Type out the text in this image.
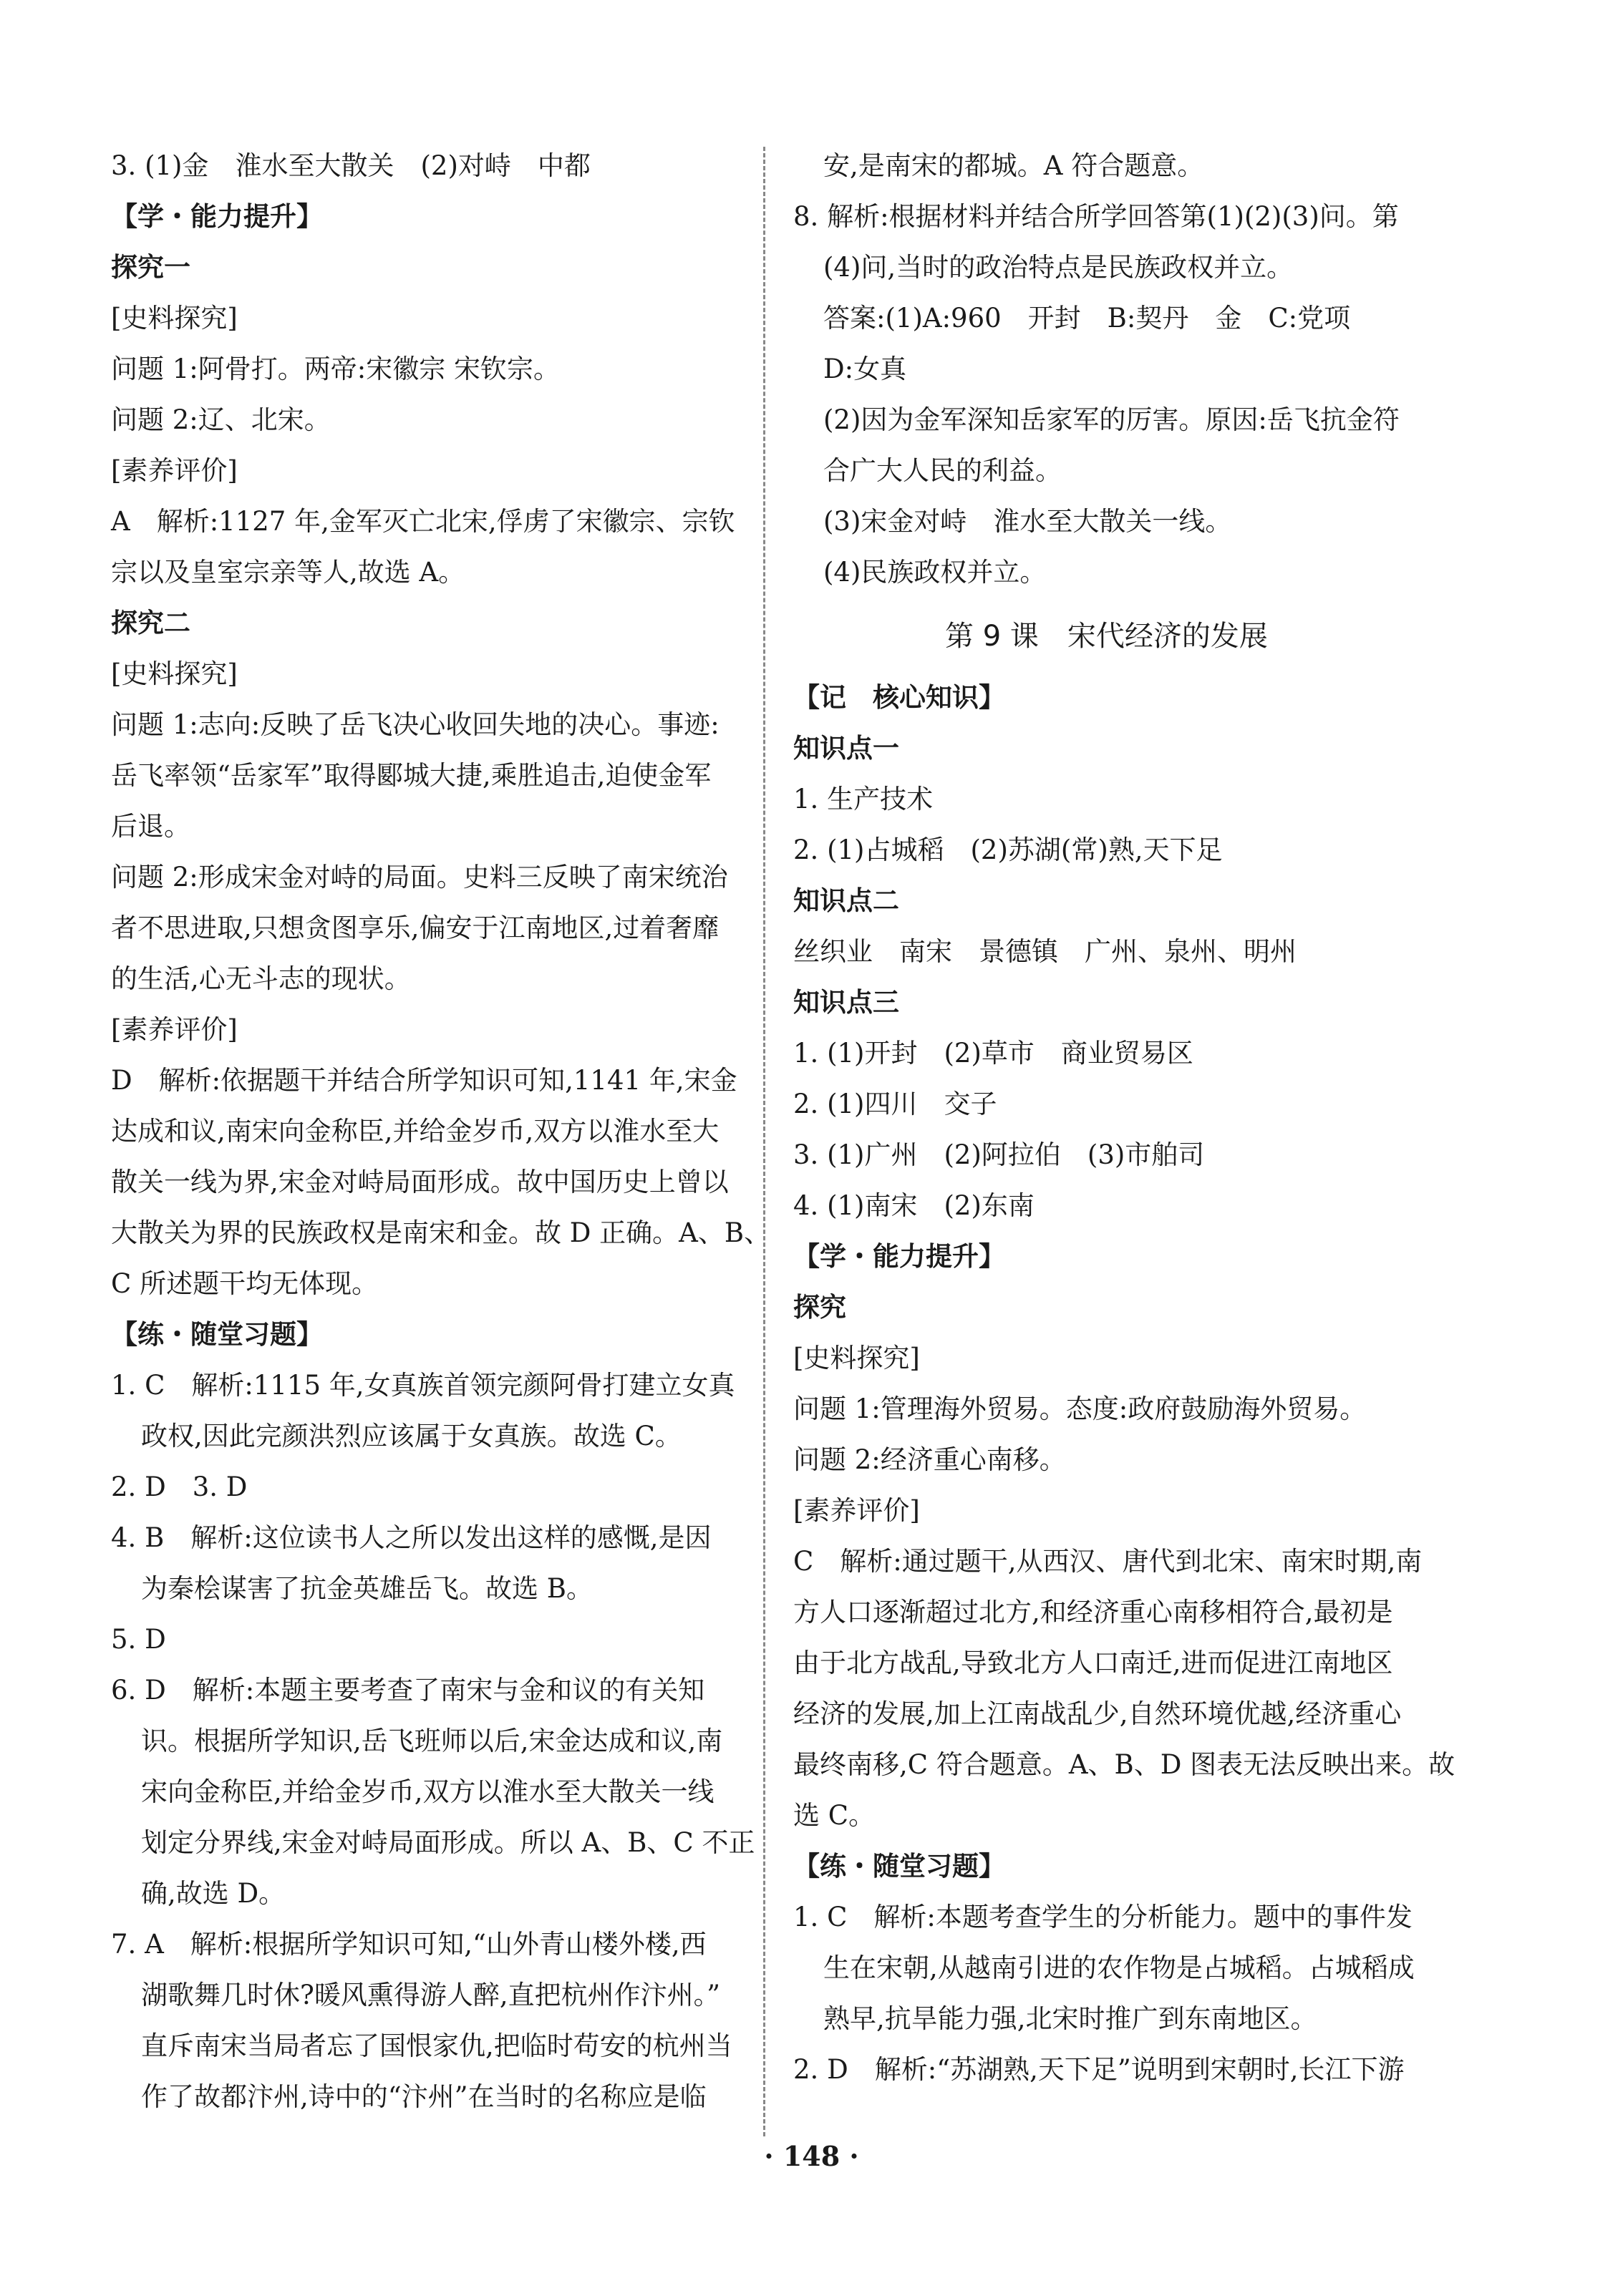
3. (1)金　淮水至大散关　(2)对峙　中都
【学・能力提升】
探究一
[史料探究]
问题 1:阿骨打。两帝:宋徽宗 宋钦宗。
问题 2:辽、北宋。
[素养评价]
A　解析:1127 年,金军灭亡北宋,俘虏了宋徽宗、宗钦
宗以及皇室宗亲等人,故选 A。
探究二
[史料探究]
问题 1:志向:反映了岳飞决心收回失地的决心。事迹:
岳飞率领“岳家军”取得郾城大捷,乘胜追击,迫使金军
后退。
问题 2:形成宋金对峙的局面。史料三反映了南宋统治
者不思进取,只想贪图享乐,偏安于江南地区,过着奢靡
的生活,心无斗志的现状。
[素养评价]
D　解析:依据题干并结合所学知识可知,1141 年,宋金
达成和议,南宋向金称臣,并给金岁币,双方以淮水至大
散关一线为界,宋金对峙局面形成。故中国历史上曾以
大散关为界的民族政权是南宋和金。故 D 正确。A、B、
C 所述题干均无体现。
【练・随堂习题】
1. C　解析:1115 年,女真族首领完颜阿骨打建立女真
政权,因此完颜洪烈应该属于女真族。故选 C。
2. D　3. D
4. B　解析:这位读书人之所以发出这样的感慨,是因
为秦桧谋害了抗金英雄岳飞。故选 B。
5. D
6. D　解析:本题主要考查了南宋与金和议的有关知
识。根据所学知识,岳飞班师以后,宋金达成和议,南
宋向金称臣,并给金岁币,双方以淮水至大散关一线
划定分界线,宋金对峙局面形成。所以 A、B、C 不正
确,故选 D。
7. A　解析:根据所学知识可知,“山外青山楼外楼,西
湖歌舞几时休?暖风熏得游人醉,直把杭州作汴州。”
直斥南宋当局者忘了国恨家仇,把临时苟安的杭州当
作了故都汴州,诗中的“汴州”在当时的名称应是临
安,是南宋的都城。A 符合题意。
8. 解析:根据材料并结合所学回答第(1)(2)(3)问。第
(4)问,当时的政治特点是民族政权并立。
答案:(1)A:960　开封　B:契丹　金　C:党项
D:女真
(2)因为金军深知岳家军的厉害。原因:岳飞抗金符
合广大人民的利益。
(3)宋金对峙　淮水至大散关一线。
(4)民族政权并立。
第 9 课　宋代经济的发展
【记　核心知识】
知识点一
1. 生产技术
2. (1)占城稻　(2)苏湖(常)熟,天下足
知识点二
丝织业　南宋　景德镇　广州、泉州、明州
知识点三
1. (1)开封　(2)草市　商业贸易区
2. (1)四川　交子
3. (1)广州　(2)阿拉伯　(3)市舶司
4. (1)南宋　(2)东南
【学・能力提升】
探究
[史料探究]
问题 1:管理海外贸易。态度:政府鼓励海外贸易。
问题 2:经济重心南移。
[素养评价]
C　解析:通过题干,从西汉、唐代到北宋、南宋时期,南
方人口逐渐超过北方,和经济重心南移相符合,最初是
由于北方战乱,导致北方人口南迁,进而促进江南地区
经济的发展,加上江南战乱少,自然环境优越,经济重心
最终南移,C 符合题意。A、B、D 图表无法反映出来。故
选 C。
【练・随堂习题】
1. C　解析:本题考查学生的分析能力。题中的事件发
生在宋朝,从越南引进的农作物是占城稻。占城稻成
熟早,抗旱能力强,北宋时推广到东南地区。
2. D　解析:“苏湖熟,天下足”说明到宋朝时,长江下游
· 148 ·
